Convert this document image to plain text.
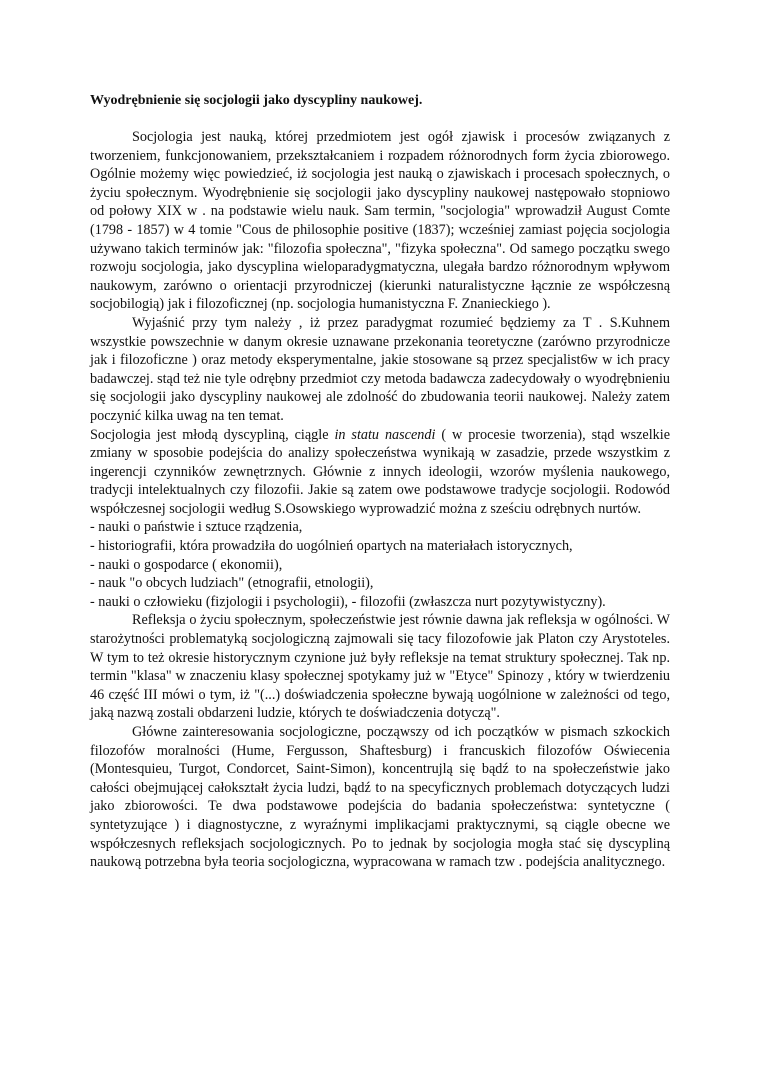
Wyodrębnienie się socjologii jako dyscypliny naukowej.

Socjologia jest nauką, której przedmiotem jest ogół zjawisk i procesów związanych z tworzeniem, funkcjonowaniem, przekształcaniem i rozpadem różnorodnych form życia zbiorowego. Ogólnie możemy więc powiedzieć, iż socjologia jest nauką o zjawiskach i procesach społecznych, o życiu społecznym. Wyodrębnienie się socjologii jako dyscypliny naukowej następowało stopniowo od połowy XIX w . na podstawie wielu nauk. Sam termin, "socjologia" wprowadził August Comte (1798 - 1857) w 4 tomie "Cous de philosophie positive (1837); wcześniej zamiast pojęcia socjologia używano takich terminów jak: "filozofia społeczna", "fizyka społeczna". Od samego początku swego rozwoju socjologia, jako dyscyplina wieloparadygmatyczna, ulegała bardzo różnorodnym wpływom naukowym, zarówno o orientacji przyrodniczej (kierunki naturalistyczne łącznie ze współczesną socjobilogią) jak i filozoficznej (np. socjologia humanistyczna F. Znanieckiego ).

Wyjaśnić przy tym należy , iż przez paradygmat rozumieć będziemy za T . S.Kuhnem wszystkie powszechnie w danym okresie uznawane przekonania teoretyczne (zarówno przyrodnicze jak i filozoficzne ) oraz metody eksperymentalne, jakie stosowane są przez specjalist6w w ich pracy badawczej. stąd też nie tyle odrębny przedmiot czy metoda badawcza zadecydowały o wyodrębnieniu się socjologii jako dyscypliny naukowej ale zdolność do zbudowania teorii naukowej. Należy zatem poczynić kilka uwag na ten temat.

Socjologia jest młodą dyscypliną, ciągle in statu nascendi ( w procesie tworzenia), stąd wszelkie zmiany w sposobie podejścia do analizy społeczeństwa wynikają w zasadzie, przede wszystkim z ingerencji czynników zewnętrznych. Głównie z innych ideologii, wzorów myślenia naukowego, tradycji intelektualnych czy filozofii. Jakie są zatem owe podstawowe tradycje socjologii. Rodowód współczesnej socjologii według S.Osowskiego wyprowadzić można z sześciu odrębnych nurtów.

- nauki o państwie i sztuce rządzenia,

- historiografii, która prowadziła do uogólnień opartych na materiałach istorycznych,

- nauki o gospodarce ( ekonomii),

- nauk "o obcych ludziach" (etnografii, etnologii),

- nauki o człowieku (fizjologii i psychologii), - filozofii (zwłaszcza nurt pozytywistyczny).

Refleksja o życiu społecznym, społeczeństwie jest równie dawna jak refleksja w ogólności. W starożytności problematyką socjologiczną zajmowali się tacy filozofowie jak Platon czy Arystoteles. W tym to też okresie historycznym czynione już były refleksje na temat struktury społecznej. Tak np. termin "klasa" w znaczeniu klasy społecznej spotykamy już w "Etyce" Spinozy , który w twierdzeniu 46 część III mówi o tym, iż "(...) doświadczenia społeczne bywają uogólnione w zależności od tego, jaką nazwą zostali obdarzeni ludzie, których te doświadczenia dotyczą".

Główne zainteresowania socjologiczne, począwszy od ich początków w pismach szkockich filozofów moralności (Hume, Fergusson, Shaftesburg) i francuskich filozofów Oświecenia (Montesquieu, Turgot, Condorcet, Saint-Simon), koncentrujlą się bądź to na społeczeństwie jako całości obejmującej całokształt życia ludzi, bądź to na specyficznych problemach dotyczących ludzi jako zbiorowości. Te dwa podstawowe podejścia do badania społeczeństwa: syntetyczne ( syntetyzujące ) i diagnostyczne, z wyraźnymi implikacjami praktycznymi, są ciągle obecne we współczesnych refleksjach socjologicznych. Po to jednak by socjologia mogła stać się dyscypliną naukową potrzebna była teoria socjologiczna, wypracowana w ramach tzw . podejścia analitycznego.
